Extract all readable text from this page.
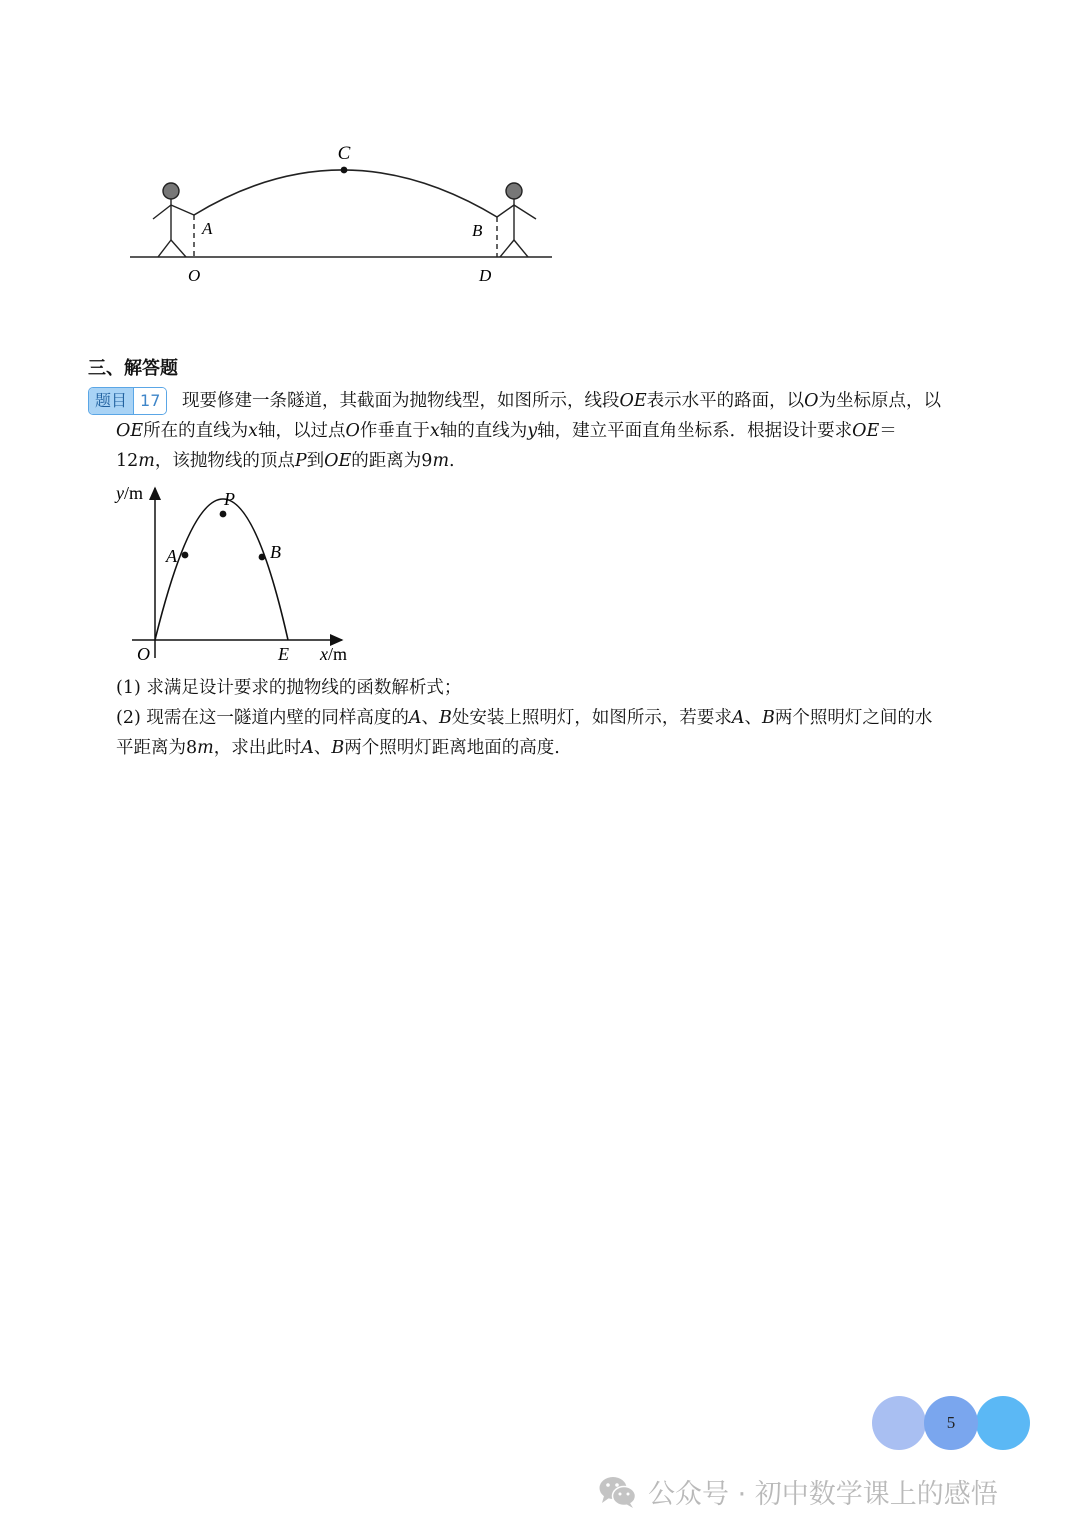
C
A	B
O	D
三、解答题
题目 17	现要修建一条隧道，其截面为抛物线型，如图所示，线段OE表示水平的路面，以O为坐标原点，以
OE所在的直线为x轴，以过点O作垂直于x轴的直线为y轴，建立平面直角坐标系．根据设计要求OE＝
12m，该抛物线的顶点P到OE的距离为9m.
y/m
x/m
P
A	B
O	E
(1) 求满足设计要求的抛物线的函数解析式；
(2) 现需在这一隧道内壁的同样高度的A、B处安装上照明灯，如图所示，若要求A、B两个照明灯之间的水
平距离为8m，求出此时A、B两个照明灯距离地面的高度.
5
公众号 · 初中数学课上的感悟
